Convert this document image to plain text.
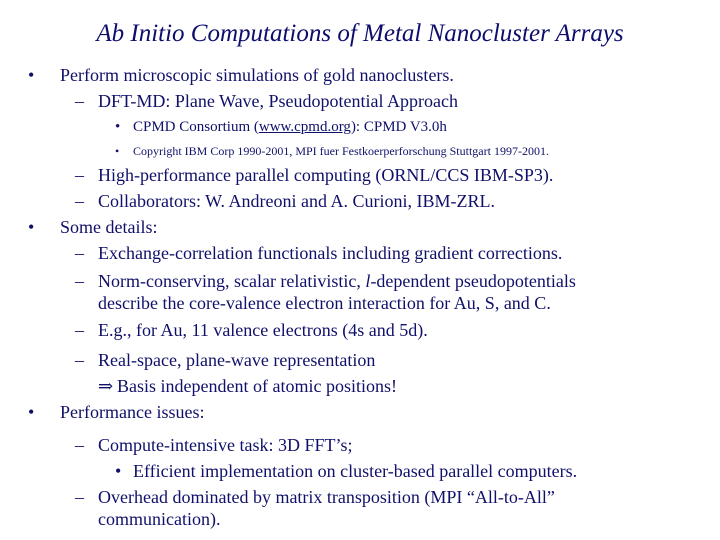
Ab Initio Computations of Metal Nanocluster Arrays
• Perform microscopic simulations of gold nanoclusters.
– DFT-MD: Plane Wave, Pseudopotential Approach
• CPMD Consortium (www.cpmd.org): CPMD V3.0h
• Copyright IBM Corp 1990-2001, MPI fuer Festkoerperforschung Stuttgart 1997-2001.
– High-performance parallel computing (ORNL/CCS IBM-SP3).
– Collaborators: W. Andreoni and A. Curioni, IBM-ZRL.
• Some details:
– Exchange-correlation functionals including gradient corrections.
– Norm-conserving, scalar relativistic, l-dependent pseudopotentials
describe the core-valence electron interaction for Au, S, and C.
– E.g., for Au, 11 valence electrons (4s and 5d).
– Real-space, plane-wave representation
⇒ Basis independent of atomic positions!
• Performance issues:
– Compute-intensive task: 3D FFT’s;
• Efficient implementation on cluster-based parallel computers.
– Overhead dominated by matrix transposition (MPI “All-to-All”
communication).
